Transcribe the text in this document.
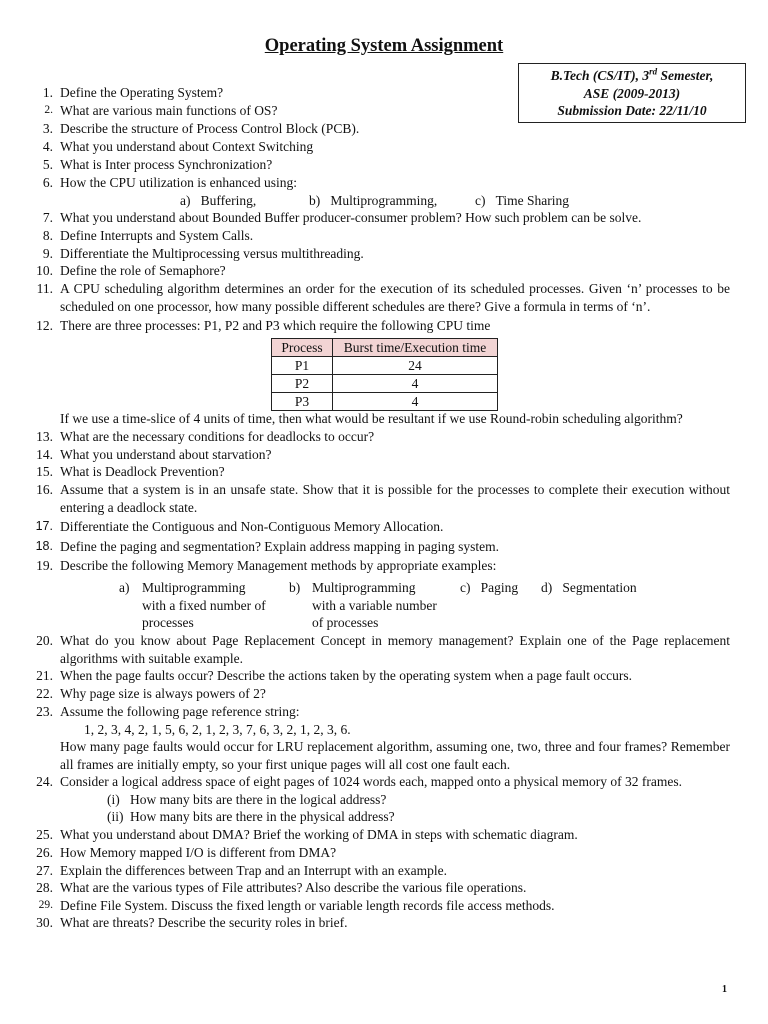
Operating System Assignment
B.Tech (CS/IT), 3rd Semester,
ASE (2009-2013)
Submission Date: 22/11/10
1. Define the Operating System?
2. What are various main functions of OS?
3. Describe the structure of Process Control Block (PCB).
4. What you understand about Context Switching
5. What is Inter process Synchronization?
6. How the CPU utilization is enhanced using:
a) Buffering,	b) Multiprogramming,	c) Time Sharing
7. What you understand about Bounded Buffer producer-consumer problem? How such problem can be solve.
8. Define Interrupts and System Calls.
9. Differentiate the Multiprocessing versus multithreading.
10. Define the role of Semaphore?
11. A CPU scheduling algorithm determines an order for the execution of its scheduled processes. Given ‘n’ processes to be scheduled on one processor, how many possible different schedules are there? Give a formula in terms of ‘n’.
12. There are three processes: P1, P2 and P3 which require the following CPU time
Process	Burst time/Execution time
P1	24
P2	4
P3	4
If we use a time-slice of 4 units of time, then what would be resultant if we use Round-robin scheduling algorithm?
13. What are the necessary conditions for deadlocks to occur?
14. What you understand about starvation?
15. What is Deadlock Prevention?
16. Assume that a system is in an unsafe state. Show that it is possible for the processes to complete their execution without entering a deadlock state.
17. Differentiate the Contiguous and Non-Contiguous Memory Allocation.
18. Define the paging and segmentation? Explain address mapping in paging system.
19. Describe the following Memory Management methods by appropriate examples:
a) Multiprogramming
with a fixed number of
processes
b) Multiprogramming
with a variable number
of processes
c) Paging d) Segmentation
20. What do you know about Page Replacement Concept in memory management? Explain one of the Page replacement algorithms with suitable example.
21. When the page faults occur? Describe the actions taken by the operating system when a page fault occurs.
22. Why page size is always powers of 2?
23. Assume the following page reference string:
1, 2, 3, 4, 2, 1, 5, 6, 2, 1, 2, 3, 7, 6, 3, 2, 1, 2, 3, 6.
How many page faults would occur for LRU replacement algorithm, assuming one, two, three and four frames? Remember all frames are initially empty, so your first unique pages will all cost one fault each.
24. Consider a logical address space of eight pages of 1024 words each, mapped onto a physical memory of 32 frames.
(i) How many bits are there in the logical address?
(ii) How many bits are there in the physical address?
25. What you understand about DMA? Brief the working of DMA in steps with schematic diagram.
26. How Memory mapped I/O is different from DMA?
27. Explain the differences between Trap and an Interrupt with an example.
28. What are the various types of File attributes? Also describe the various file operations.
29. Define File System. Discuss the fixed length or variable length records file access methods.
30. What are threats? Describe the security roles in brief.
1
